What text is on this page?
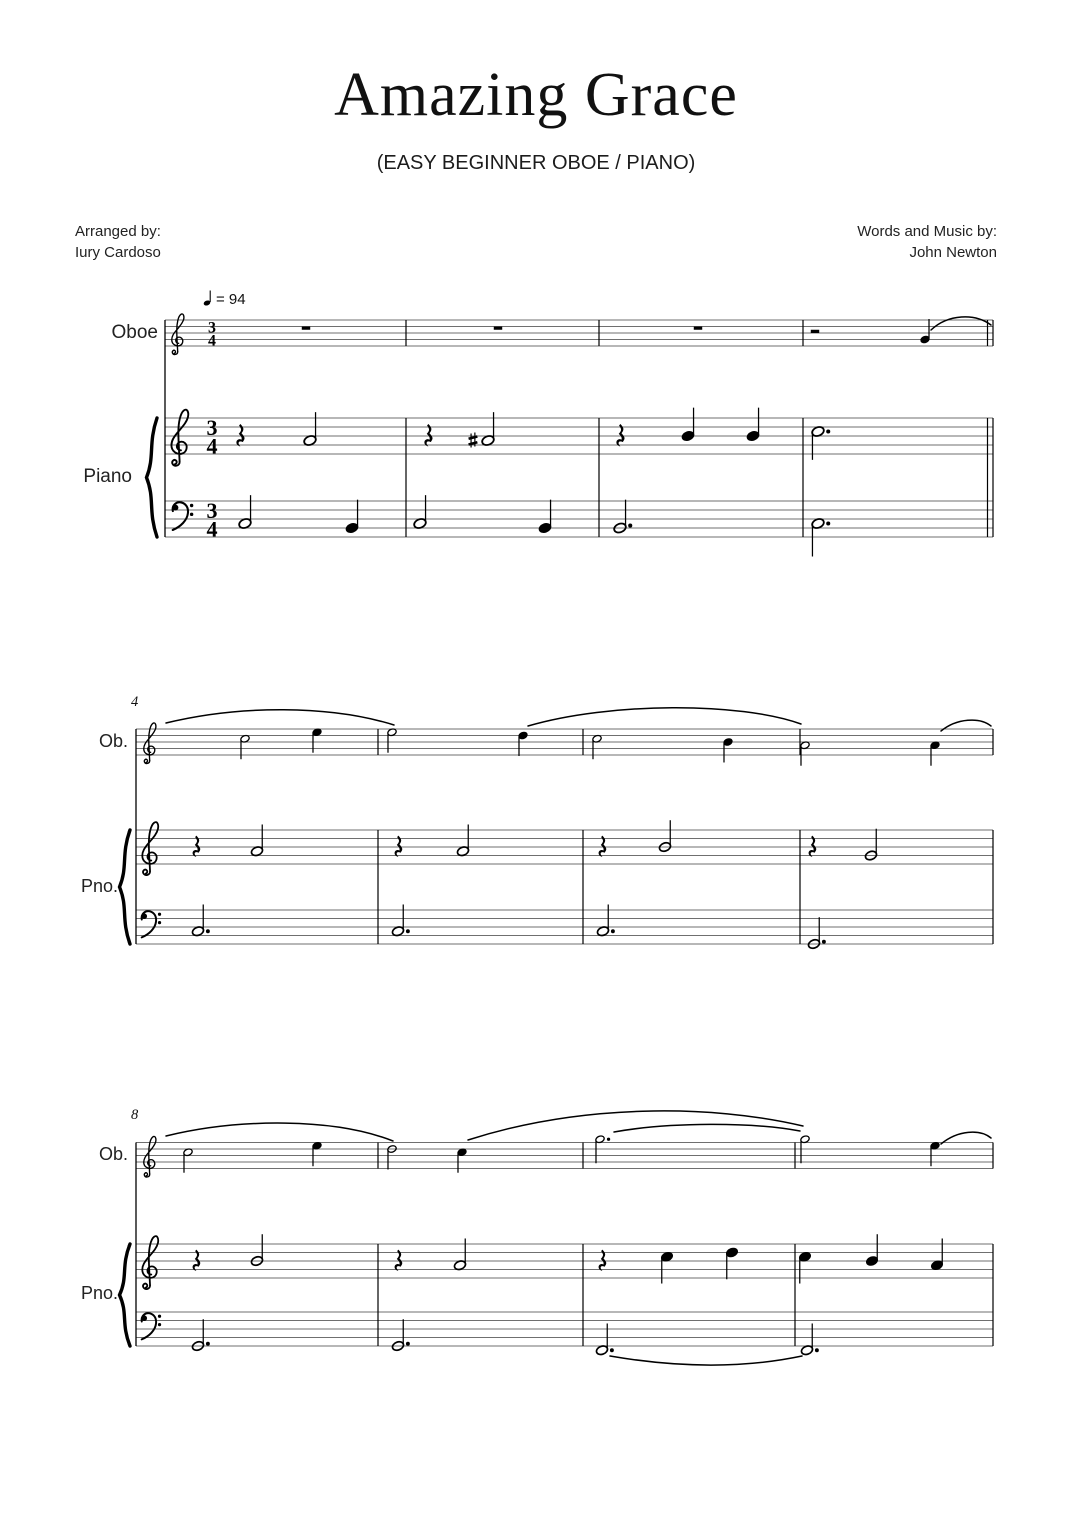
Amazing Grace
(EASY BEGINNER OBOE / PIANO)
Arranged by:
Iury Cardoso
Words and Music by:
John Newton
= 94
Oboe
Piano
4
Ob.
Pno.
8
Ob.
Pno.
3
4
3
4
3
4
